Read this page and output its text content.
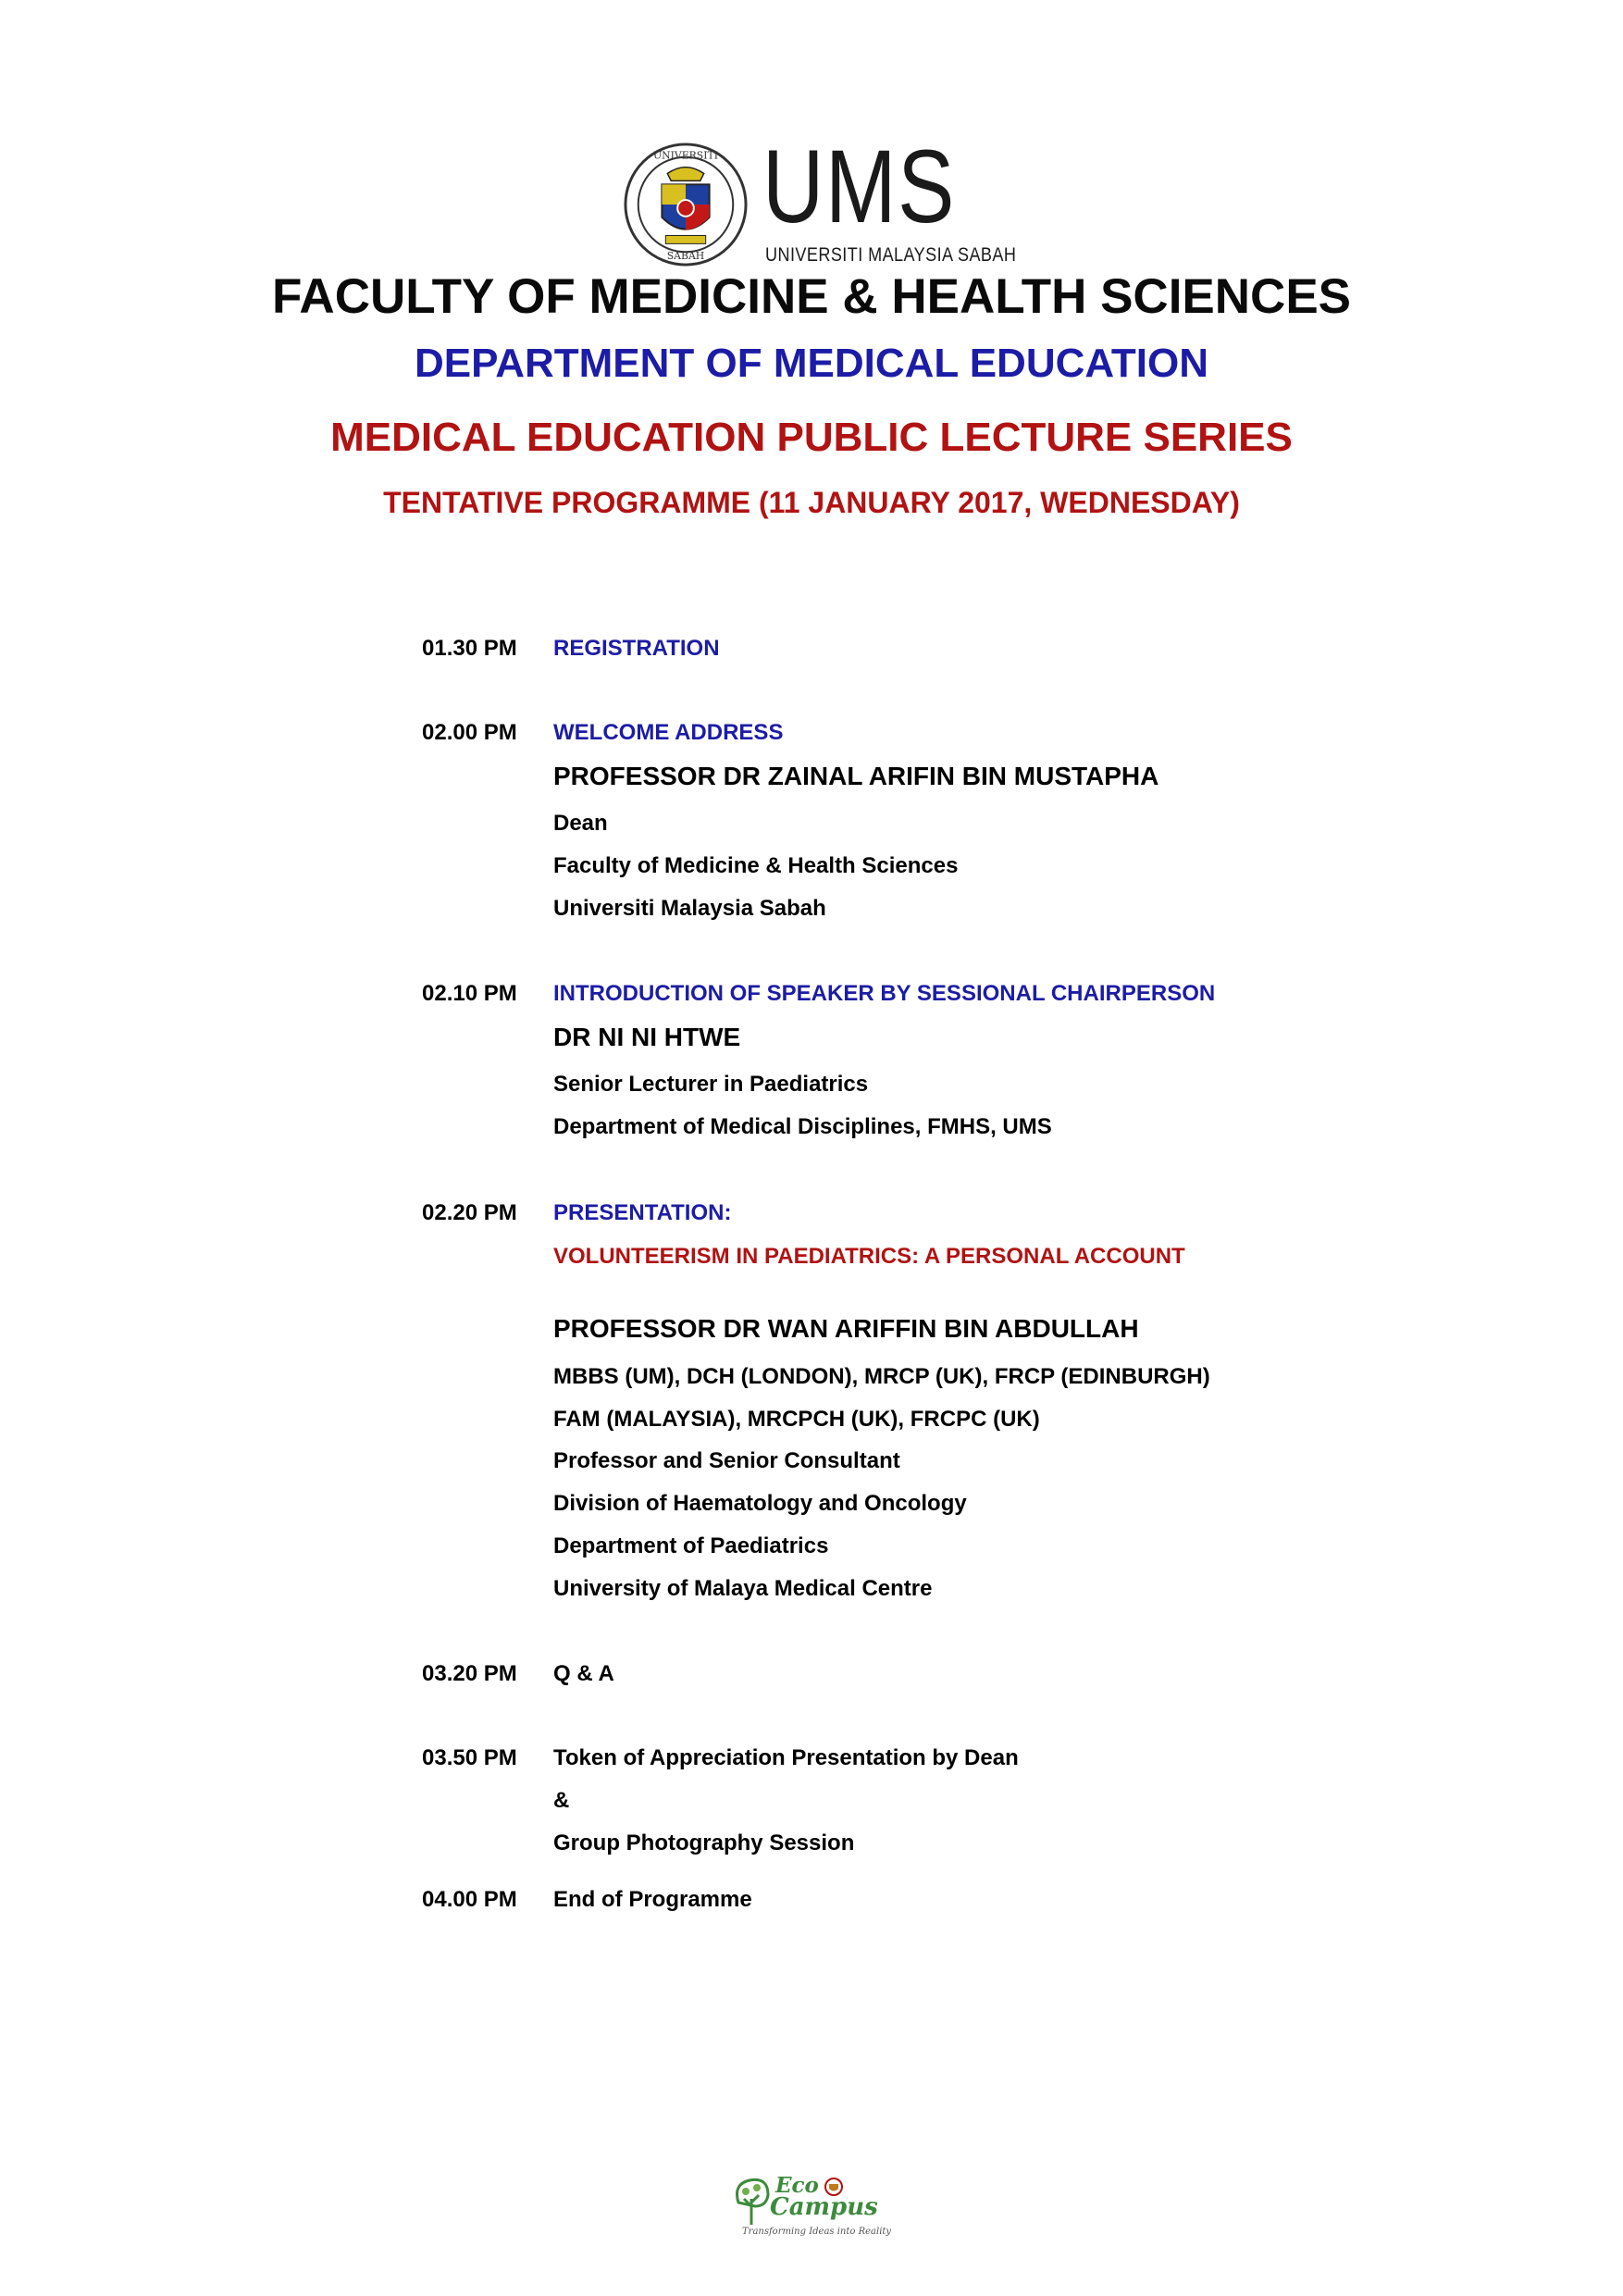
UNIVERSITI
SABAH
UMS
UNIVERSITI MALAYSIA SABAH
FACULTY OF MEDICINE & HEALTH SCIENCES
DEPARTMENT OF MEDICAL EDUCATION
MEDICAL EDUCATION PUBLIC LECTURE SERIES
TENTATIVE PROGRAMME (11 JANUARY 2017, WEDNESDAY)
01.30 PM	REGISTRATION
02.00 PM	WELCOME ADDRESS
PROFESSOR DR ZAINAL ARIFIN BIN MUSTAPHA
Dean
Faculty of Medicine & Health Sciences
Universiti Malaysia Sabah
02.10 PM	INTRODUCTION OF SPEAKER BY SESSIONAL CHAIRPERSON
DR NI NI HTWE
Senior Lecturer in Paediatrics
Department of Medical Disciplines, FMHS, UMS
02.20 PM	PRESENTATION:
VOLUNTEERISM IN PAEDIATRICS: A PERSONAL ACCOUNT
PROFESSOR DR WAN ARIFFIN BIN ABDULLAH
MBBS (UM), DCH (LONDON), MRCP (UK), FRCP (EDINBURGH)
FAM (MALAYSIA), MRCPCH (UK), FRCPC (UK)
Professor and Senior Consultant
Division of Haematology and Oncology
Department of Paediatrics
University of Malaya Medical Centre
03.20 PM	Q & A
03.50 PM	Token of Appreciation Presentation by Dean
&
Group Photography Session
04.00 PM	End of Programme
Eco
Campus
Transforming Ideas into Reality
